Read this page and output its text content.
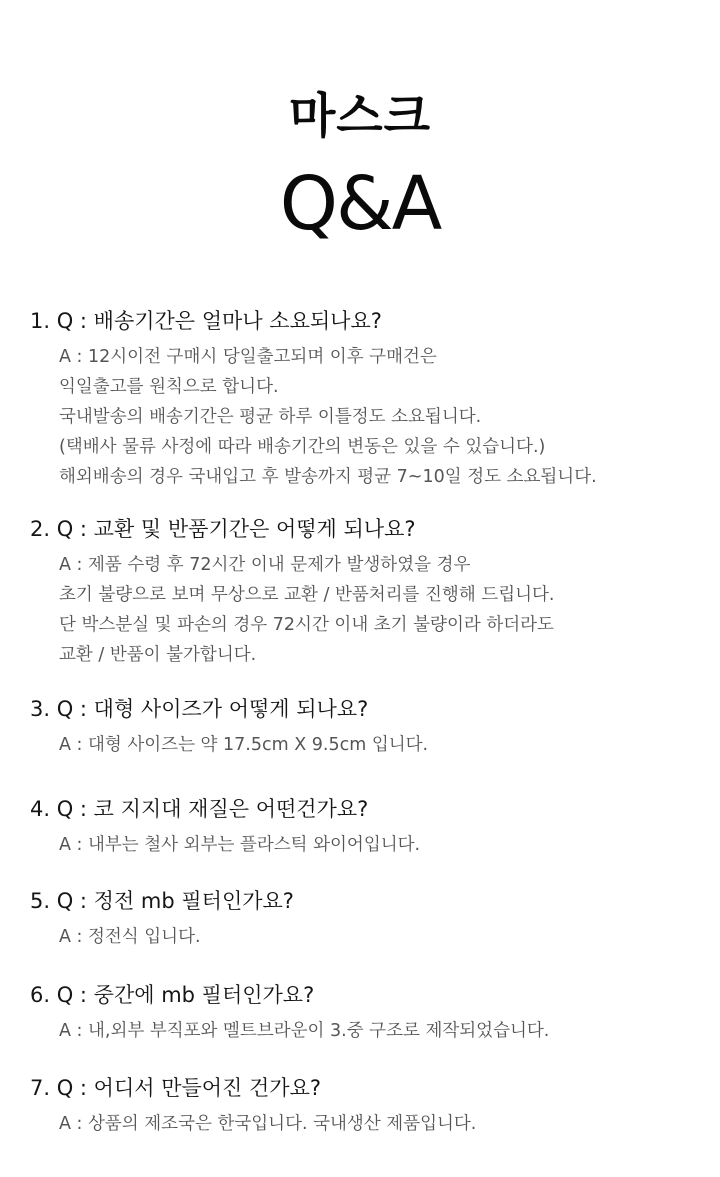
마스크
Q&A
1. Q : 배송기간은 얼마나 소요되나요?
A : 12시이전 구매시 당일출고되며 이후 구매건은
익일출고를 원칙으로 합니다.
국내발송의 배송기간은 평균 하루 이틀정도 소요됩니다.
(택배사 물류 사정에 따라 배송기간의 변동은 있을 수 있습니다.)
해외배송의 경우 국내입고 후 발송까지 평균 7~10일 정도 소요됩니다.
2. Q : 교환 및 반품기간은 어떻게 되나요?
A : 제품 수령 후 72시간 이내 문제가 발생하였을 경우
초기 불량으로 보며 무상으로 교환 / 반품처리를 진행해 드립니다.
단 박스분실 및 파손의 경우 72시간 이내 초기 불량이라 하더라도
교환 / 반품이 불가합니다.
3. Q : 대형 사이즈가 어떻게 되나요?
A : 대형 사이즈는 약 17.5cm X 9.5cm 입니다.
4. Q : 코 지지대 재질은 어떤건가요?
A : 내부는 철사 외부는 플라스틱 와이어입니다.
5. Q : 정전 mb 필터인가요?
A : 정전식 입니다.
6. Q : 중간에 mb 필터인가요?
A : 내,외부 부직포와 멜트브라운이 3.중 구조로 제작되었습니다.
7. Q : 어디서 만들어진 건가요?
A : 상품의 제조국은 한국입니다. 국내생산 제품입니다.
